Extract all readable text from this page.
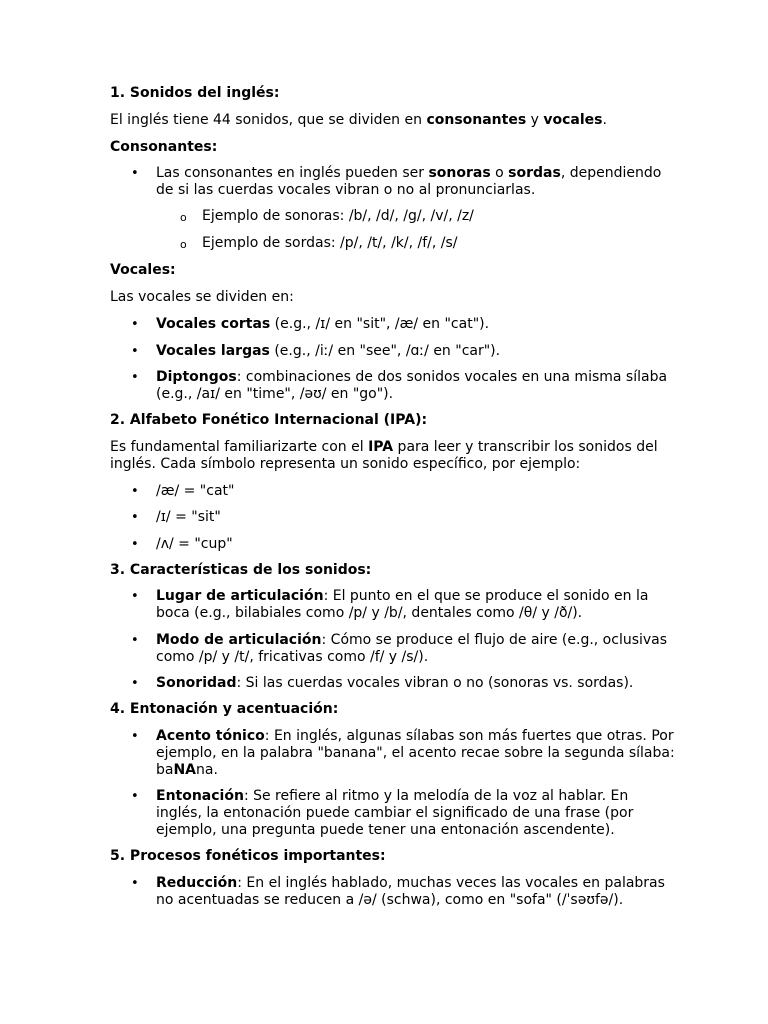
1. Sonidos del inglés:

El inglés tiene 44 sonidos, que se dividen en consonantes y vocales.

Consonantes:

• Las consonantes en inglés pueden ser sonoras o sordas, dependiendo de si las cuerdas vocales vibran o no al pronunciarlas.

o Ejemplo de sonoras: /b/, /d/, /g/, /v/, /z/

o Ejemplo de sordas: /p/, /t/, /k/, /f/, /s/

Vocales:

Las vocales se dividen en:

• Vocales cortas (e.g., /ɪ/ en "sit", /æ/ en "cat").

• Vocales largas (e.g., /iː/ en "see", /ɑː/ en "car").

• Diptongos: combinaciones de dos sonidos vocales en una misma sílaba (e.g., /aɪ/ en "time", /əʊ/ en "go").

2. Alfabeto Fonético Internacional (IPA):

Es fundamental familiarizarte con el IPA para leer y transcribir los sonidos del inglés. Cada símbolo representa un sonido específico, por ejemplo:

• /æ/ = "cat"

• /ɪ/ = "sit"

• /ʌ/ = "cup"

3. Características de los sonidos:

• Lugar de articulación: El punto en el que se produce el sonido en la boca (e.g., bilabiales como /p/ y /b/, dentales como /θ/ y /ð/).

• Modo de articulación: Cómo se produce el flujo de aire (e.g., oclusivas como /p/ y /t/, fricativas como /f/ y /s/).

• Sonoridad: Si las cuerdas vocales vibran o no (sonoras vs. sordas).

4. Entonación y acentuación:

• Acento tónico: En inglés, algunas sílabas son más fuertes que otras. Por ejemplo, en la palabra "banana", el acento recae sobre la segunda sílaba: baNAna.

• Entonación: Se refiere al ritmo y la melodía de la voz al hablar. En inglés, la entonación puede cambiar el significado de una frase (por ejemplo, una pregunta puede tener una entonación ascendente).

5. Procesos fonéticos importantes:

• Reducción: En el inglés hablado, muchas veces las vocales en palabras no acentuadas se reducen a /ə/ (schwa), como en "sofa" (/ˈsəʊfə/).
